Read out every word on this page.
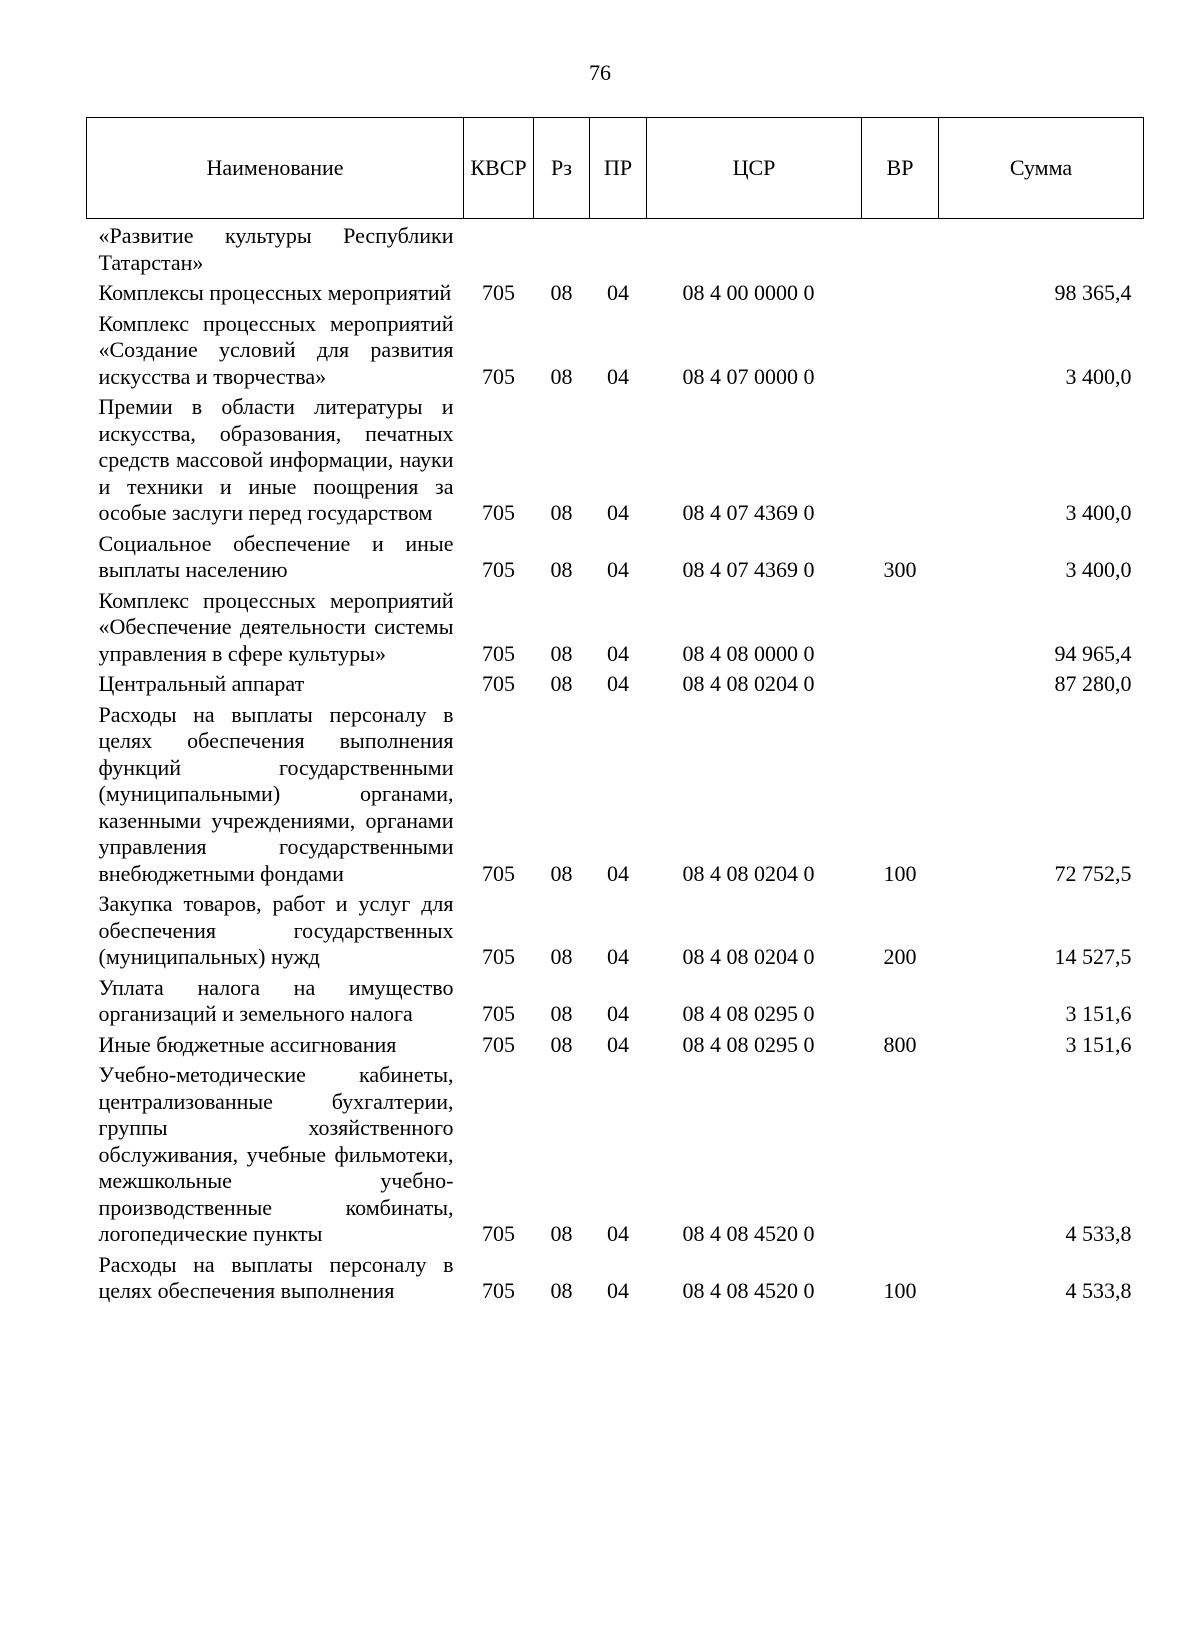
76
Наименование	КВСР	Рз	ПР	ЦСР	ВР	Сумма
«Развитие культуры Республики Татарстан»						
Комплексы процессных мероприятий	705	08	04	08 4 00 0000 0		98 365,4
Комплекс процессных мероприятий «Создание условий для развития искусства и творчества»	705	08	04	08 4 07 0000 0		3 400,0
Премии в области литературы и искусства, образования, печатных средств массовой информации, науки и техники и иные поощрения за особые заслуги перед государством	705	08	04	08 4 07 4369 0		3 400,0
Социальное обеспечение и иные выплаты населению	705	08	04	08 4 07 4369 0	300	3 400,0
Комплекс процессных мероприятий «Обеспечение деятельности системы управления в сфере культуры»	705	08	04	08 4 08 0000 0		94 965,4
Центральный аппарат	705	08	04	08 4 08 0204 0		87 280,0
Расходы на выплаты персоналу в целях обеспечения выполнения функций государственными (муниципальными) органами, казенными учреждениями, органами управления государственными внебюджетными фондами	705	08	04	08 4 08 0204 0	100	72 752,5
Закупка товаров, работ и услуг для обеспечения государственных (муниципальных) нужд	705	08	04	08 4 08 0204 0	200	14 527,5
Уплата налога на имущество организаций и земельного налога	705	08	04	08 4 08 0295 0		3 151,6
Иные бюджетные ассигнования	705	08	04	08 4 08 0295 0	800	3 151,6
Учебно-методические кабинеты, централизованные бухгалтерии, группы хозяйственного обслуживания, учебные фильмотеки, межшкольные учебно-производственные комбинаты, логопедические пункты	705	08	04	08 4 08 4520 0		4 533,8
Расходы на выплаты персоналу в целях обеспечения выполнения	705	08	04	08 4 08 4520 0	100	4 533,8
